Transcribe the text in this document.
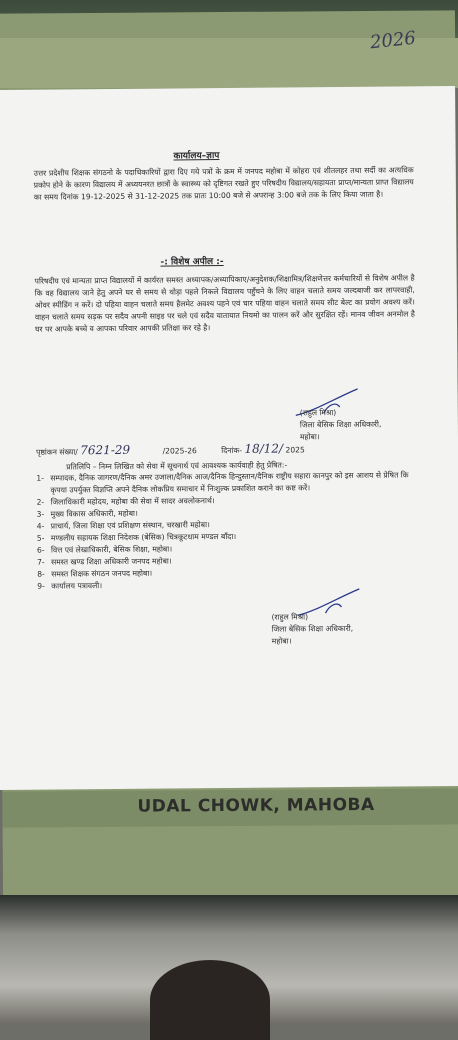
UDAL CHOWK, MAHOBA
2026
कार्यालय–ज्ञाप
उत्तर प्रदेशीय शिक्षक संगठनो के पदाधिकारियों द्वारा दिए गये पत्रों के क्रम में जनपद महोबा में कोहरा एवं शीतलहर तथा सर्दी का अत्यधिक प्रकोप होने के कारण विद्यालय में अध्ययनरत छात्रों के स्वास्थ्य को दृष्टिगत रखते हुए परिषदीय विद्यालय/सहायता प्राप्त/मान्यता प्राप्त विद्यालय का समय दिनांक 19-12-2025 से 31-12-2025 तक प्रातः 10:00 बजे से अपरान्ह 3:00 बजे तक के लिए किया जाता है।
-: विशेष अपील :-
परिषदीय एवं मान्यता प्राप्त विद्यालयों में कार्यरत समस्त अध्यापक/अध्यापिकाए/अनुदेशक/शिक्षामित्र/शिक्षणेत्तर कर्मचारियों से विशेष अपील है कि वह विद्यालय जाने हेतु अपने घर से समय से थोड़ा पहले निकले विद्यालय पहुँचने के लिए वाहन चलाते समय जल्दबाजी कर लापरवाही, ओवर स्पीडिंग न करें। दो पहिया वाहन चलाते समय हैलमेट अवश्य पहने एवं चार पहिया वाहन चलाते समय सीट बेल्ट का प्रयोग अवश्य करें। वाहन चलाते समय सड़क पर सदैव अपनी साइड पर चले एवं सदैव यातायात नियमो का पालन करें और सुरक्षित रहें। मानव जीवन अनमोल है घर पर आपके बच्चे व आपका परिवार आपकी प्रतिक्षा कर रहे है।
(राहुल मिश्रा)
जिला बेसिक शिक्षा अधिकारी,
महोबा।
पृष्ठांकन संख्या/ 7621-29	/2025-26	दिनांक- 18/12/ 2025
प्रतिलिपि – निम्न लिखित को सेवा में सूचनार्थ एवं आवश्यक कार्यवाही हेतु प्रेषित:-
1- सम्पादक, दैनिक जागरण/दैनिक अमर उजाला/दैनिक आज/दैनिक हिन्दुस्तान/दैनिक राष्ट्रीय सहारा कानपुर को इस आशय से प्रेषित कि कृपया उपर्युक्त विज्ञप्ति अपने दैनिक लोकप्रिय समाचार में निःशुल्क प्रकाशित कराने का कष्ट करें।
2- जिलाधिकारी महोदय, महोबा की सेवा में सादर अवलोकनार्थ।
3- मुख्य विकास अधिकारी, महोबा।
4- प्राचार्य, जिला शिक्षा एवं प्रशिक्षण संस्थान, चरखारी महोबा।
5- मण्डलीय सहायक शिक्षा निदेशक (बेसिक) चित्रकूटधाम मण्डल बाँदा।
6- वित्त एवं लेखाधिकारी, बेसिक शिक्षा, महोबा।
7- समस्त खण्ड शिक्षा अधिकारी जनपद महोबा।
8- समस्त शिक्षक संगठन जनपद महोबा।
9- कार्यालय पत्रावली।
(राहुल मिश्रा)
जिला बेसिक शिक्षा अधिकारी,
महोबा।
